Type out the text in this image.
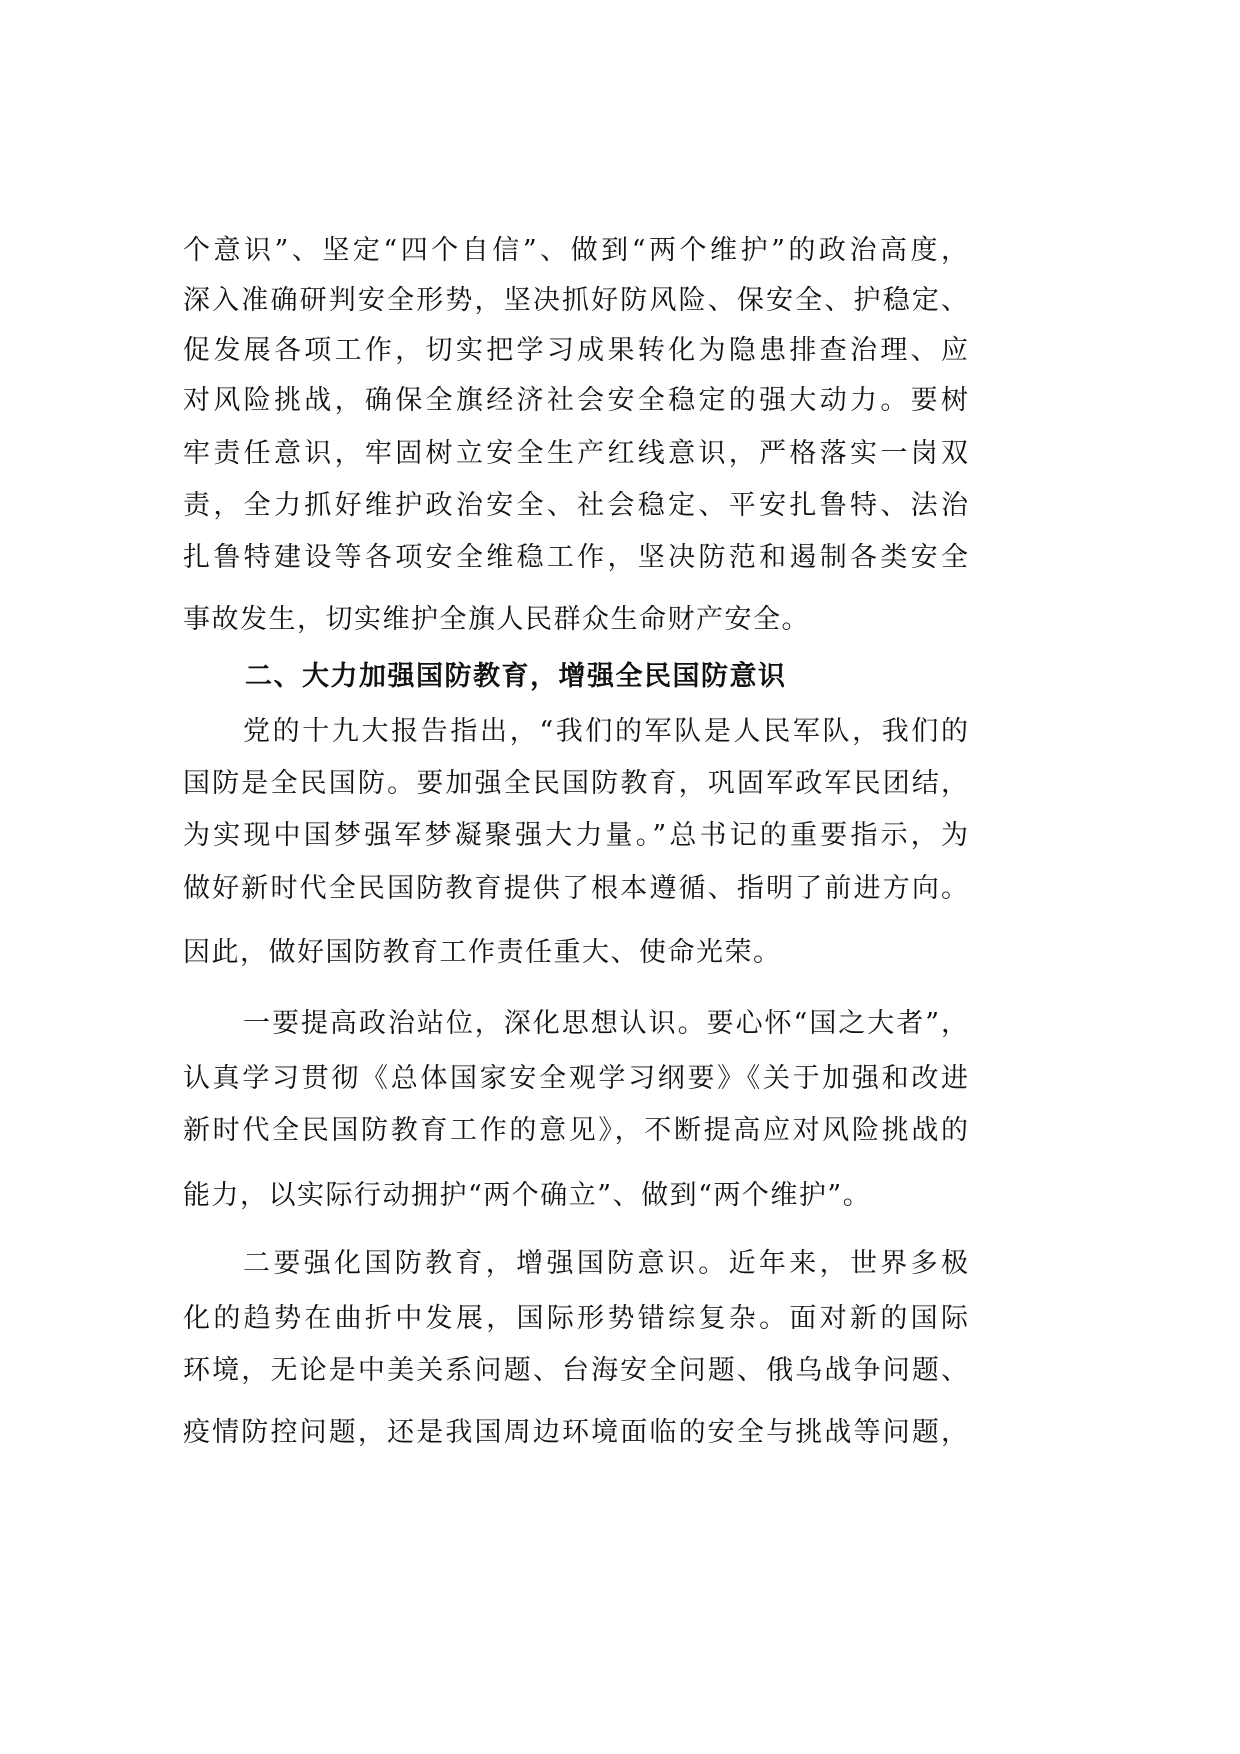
个意识”、坚定“四个自信”、做到“两个维护”的政治高度，
深入准确研判安全形势，坚决抓好防风险、保安全、护稳定、
促发展各项工作，切实把学习成果转化为隐患排查治理、应
对风险挑战，确保全旗经济社会安全稳定的强大动力。要树
牢责任意识，牢固树立安全生产红线意识，严格落实一岗双
责，全力抓好维护政治安全、社会稳定、平安扎鲁特、法治
扎鲁特建设等各项安全维稳工作，坚决防范和遏制各类安全
事故发生，切实维护全旗人民群众生命财产安全。
二、大力加强国防教育，增强全民国防意识
党的十九大报告指出，“我们的军队是人民军队，我们的
国防是全民国防。要加强全民国防教育，巩固军政军民团结，
为实现中国梦强军梦凝聚强大力量。”总书记的重要指示，为
做好新时代全民国防教育提供了根本遵循、指明了前进方向。
因此，做好国防教育工作责任重大、使命光荣。
一要提高政治站位，深化思想认识。要心怀“国之大者”，
认真学习贯彻《总体国家安全观学习纲要》《关于加强和改进
新时代全民国防教育工作的意见》，不断提高应对风险挑战的
能力，以实际行动拥护“两个确立”、做到“两个维护”。
二要强化国防教育，增强国防意识。近年来，世界多极
化的趋势在曲折中发展，国际形势错综复杂。面对新的国际
环境，无论是中美关系问题、台海安全问题、俄乌战争问题、
疫情防控问题，还是我国周边环境面临的安全与挑战等问题，
